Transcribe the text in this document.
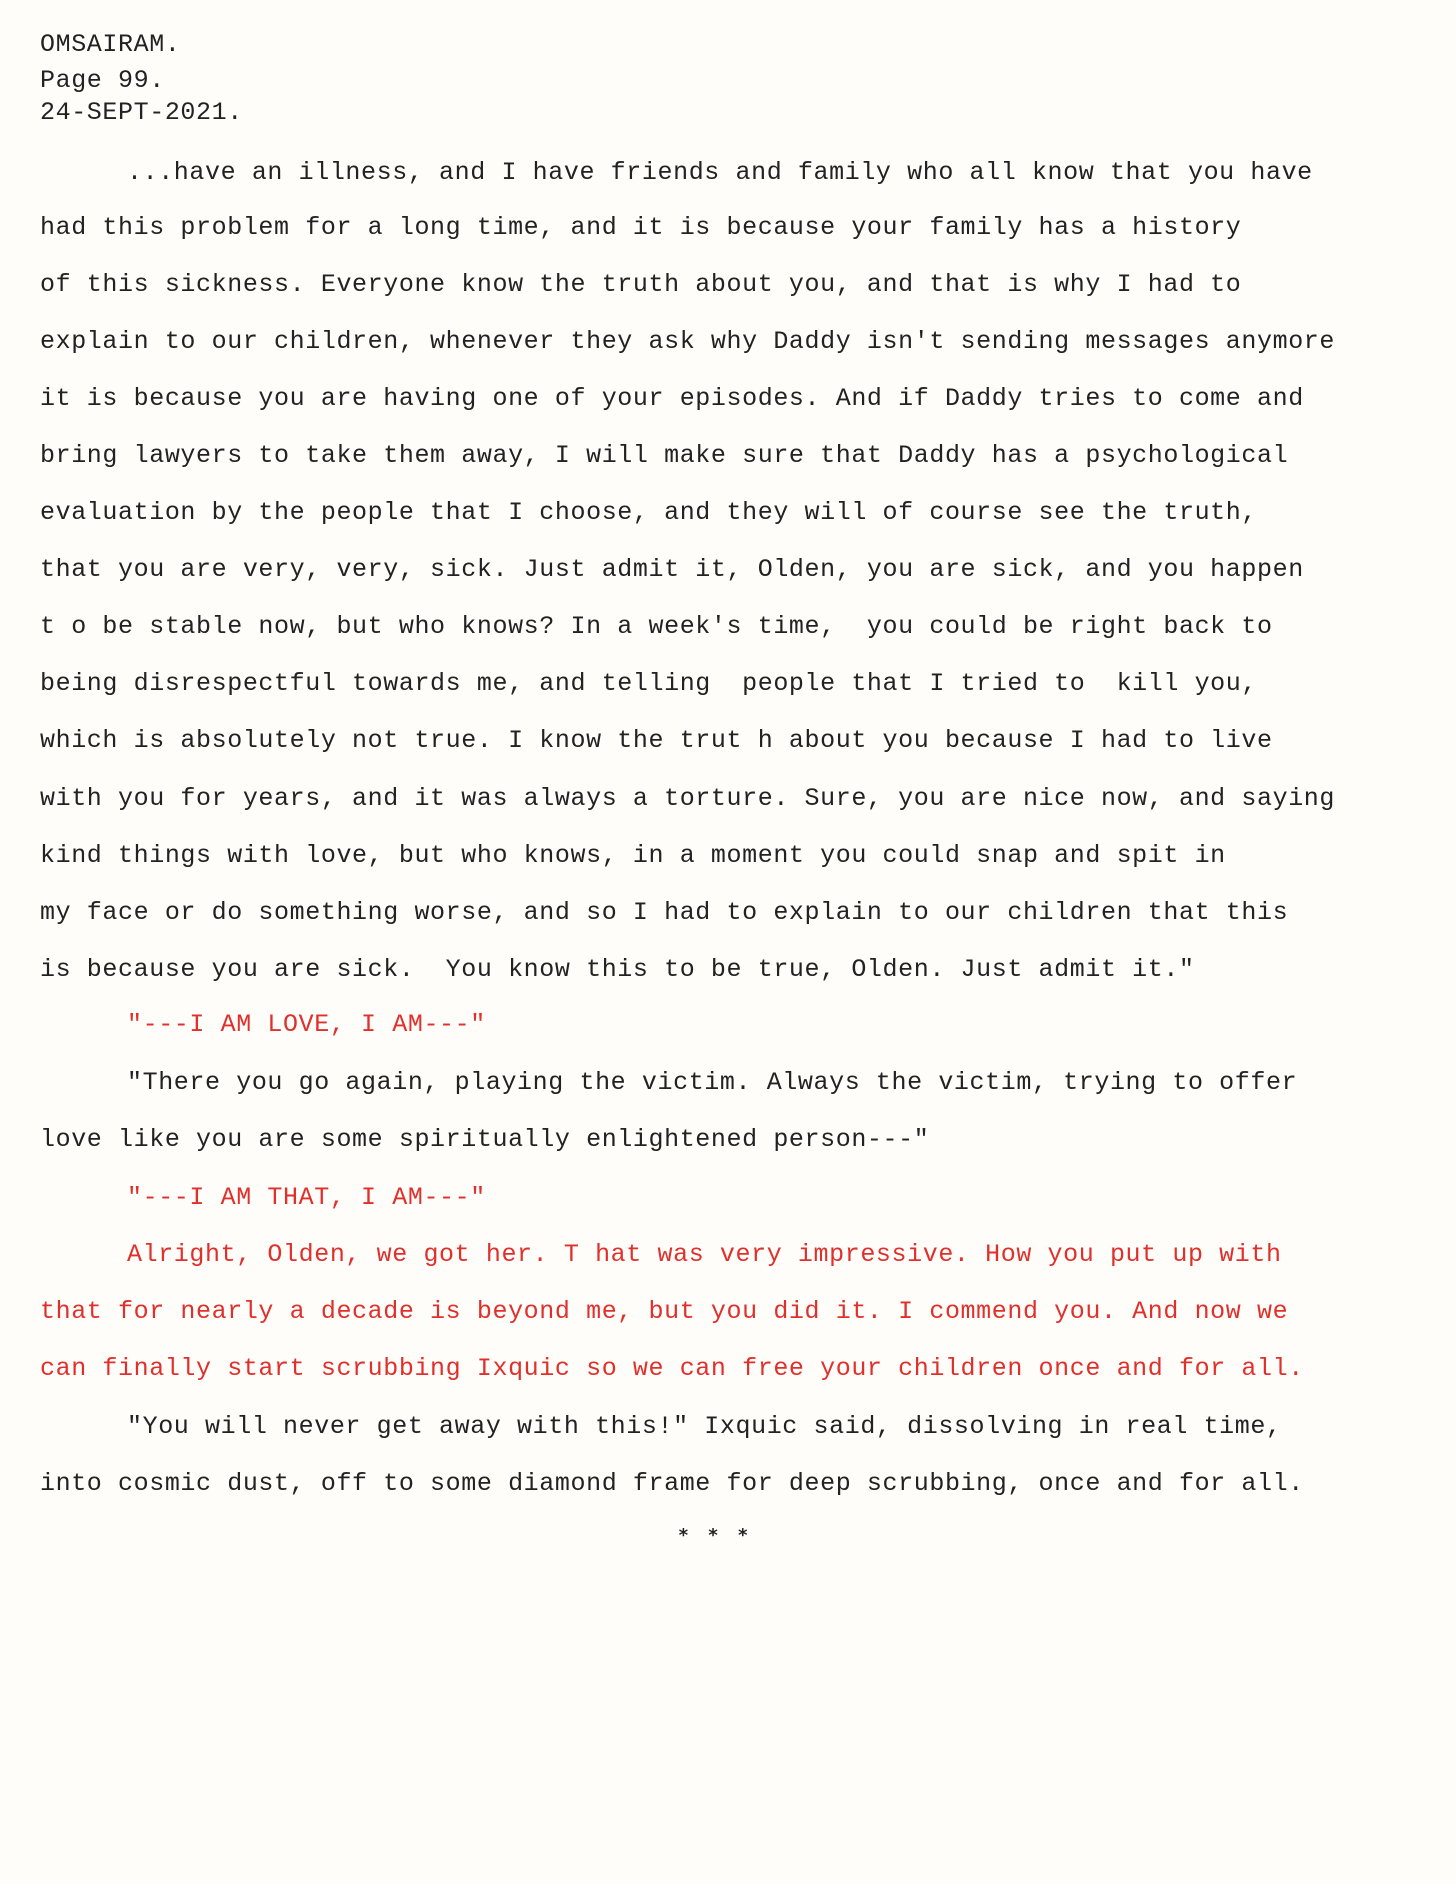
OMSAIRAM.
Page 99.
24-SEPT-2021.
...have an illness, and I have friends and family who all know that you have
had this problem for a long time, and it is because your family has a history
of this sickness. Everyone know the truth about you, and that is why I had to
explain to our children, whenever they ask why Daddy isn't sending messages anymore
it is because you are having one of your episodes. And if Daddy tries to come and
bring lawyers to take them away, I will make sure that Daddy has a psychological
evaluation by the people that I choose, and they will of course see the truth,
that you are very, very, sick. Just admit it, Olden, you are sick, and you happen
t o be stable now, but who knows? In a week's time,  you could be right back to
being disrespectful towards me, and telling  people that I tried to  kill you,
which is absolutely not true. I know the trut h about you because I had to live
with you for years, and it was always a torture. Sure, you are nice now, and saying
kind things with love, but who knows, in a moment you could snap and spit in
my face or do something worse, and so I had to explain to our children that this
is because you are sick.  You know this to be true, Olden. Just admit it."
"---I AM LOVE, I AM---"
"There you go again, playing the victim. Always the victim, trying to offer
love like you are some spiritually enlightened person---"
"---I AM THAT, I AM---"
Alright, Olden, we got her. T hat was very impressive. How you put up with
that for nearly a decade is beyond me, but you did it. I commend you. And now we
can finally start scrubbing Ixquic so we can free your children once and for all.
"You will never get away with this!" Ixquic said, dissolving in real time,
into cosmic dust, off to some diamond frame for deep scrubbing, once and for all.
* * *
